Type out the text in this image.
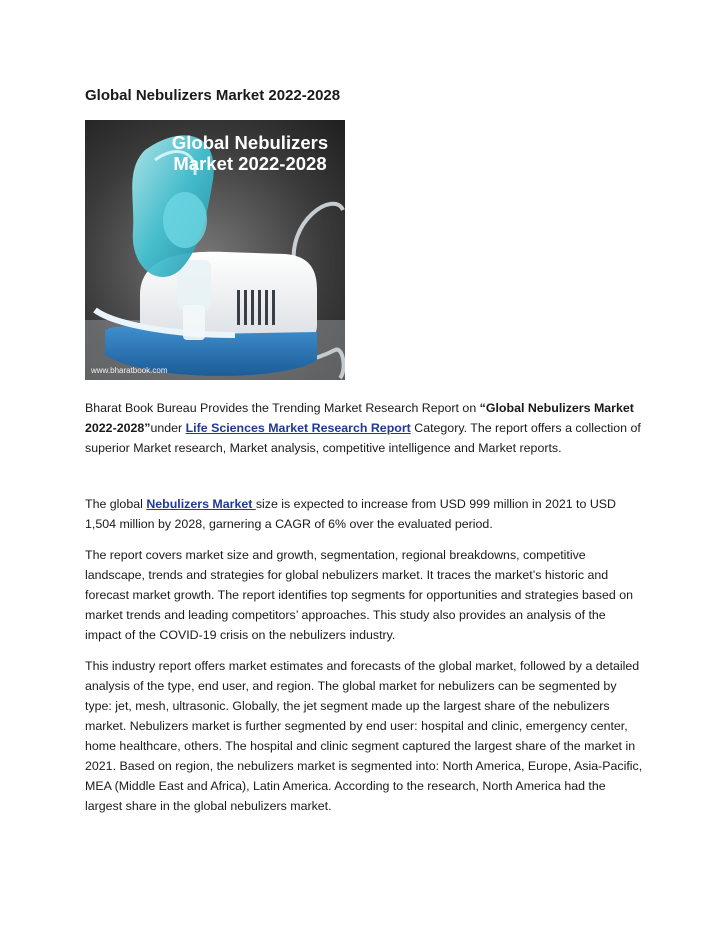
Global Nebulizers Market 2022-2028
Global Nebulizers
Market 2022-2028
www.bharatbook.com

Bharat Book Bureau Provides the Trending Market Research Report on “Global Nebulizers Market 2022-2028”under Life Sciences Market Research Report Category. The report offers a collection of superior Market research, Market analysis, competitive intelligence and Market reports.

The global Nebulizers Market size is expected to increase from USD 999 million in 2021 to USD 1,504 million by 2028, garnering a CAGR of 6% over the evaluated period.

The report covers market size and growth, segmentation, regional breakdowns, competitive landscape, trends and strategies for global nebulizers market. It traces the market’s historic and forecast market growth. The report identifies top segments for opportunities and strategies based on market trends and leading competitors’ approaches. This study also provides an analysis of the impact of the COVID-19 crisis on the nebulizers industry.

This industry report offers market estimates and forecasts of the global market, followed by a detailed analysis of the type, end user, and region. The global market for nebulizers can be segmented by type: jet, mesh, ultrasonic. Globally, the jet segment made up the largest share of the nebulizers market. Nebulizers market is further segmented by end user: hospital and clinic, emergency center, home healthcare, others. The hospital and clinic segment captured the largest share of the market in 2021. Based on region, the nebulizers market is segmented into: North America, Europe, Asia-Pacific, MEA (Middle East and Africa), Latin America. According to the research, North America had the largest share in the global nebulizers market.
